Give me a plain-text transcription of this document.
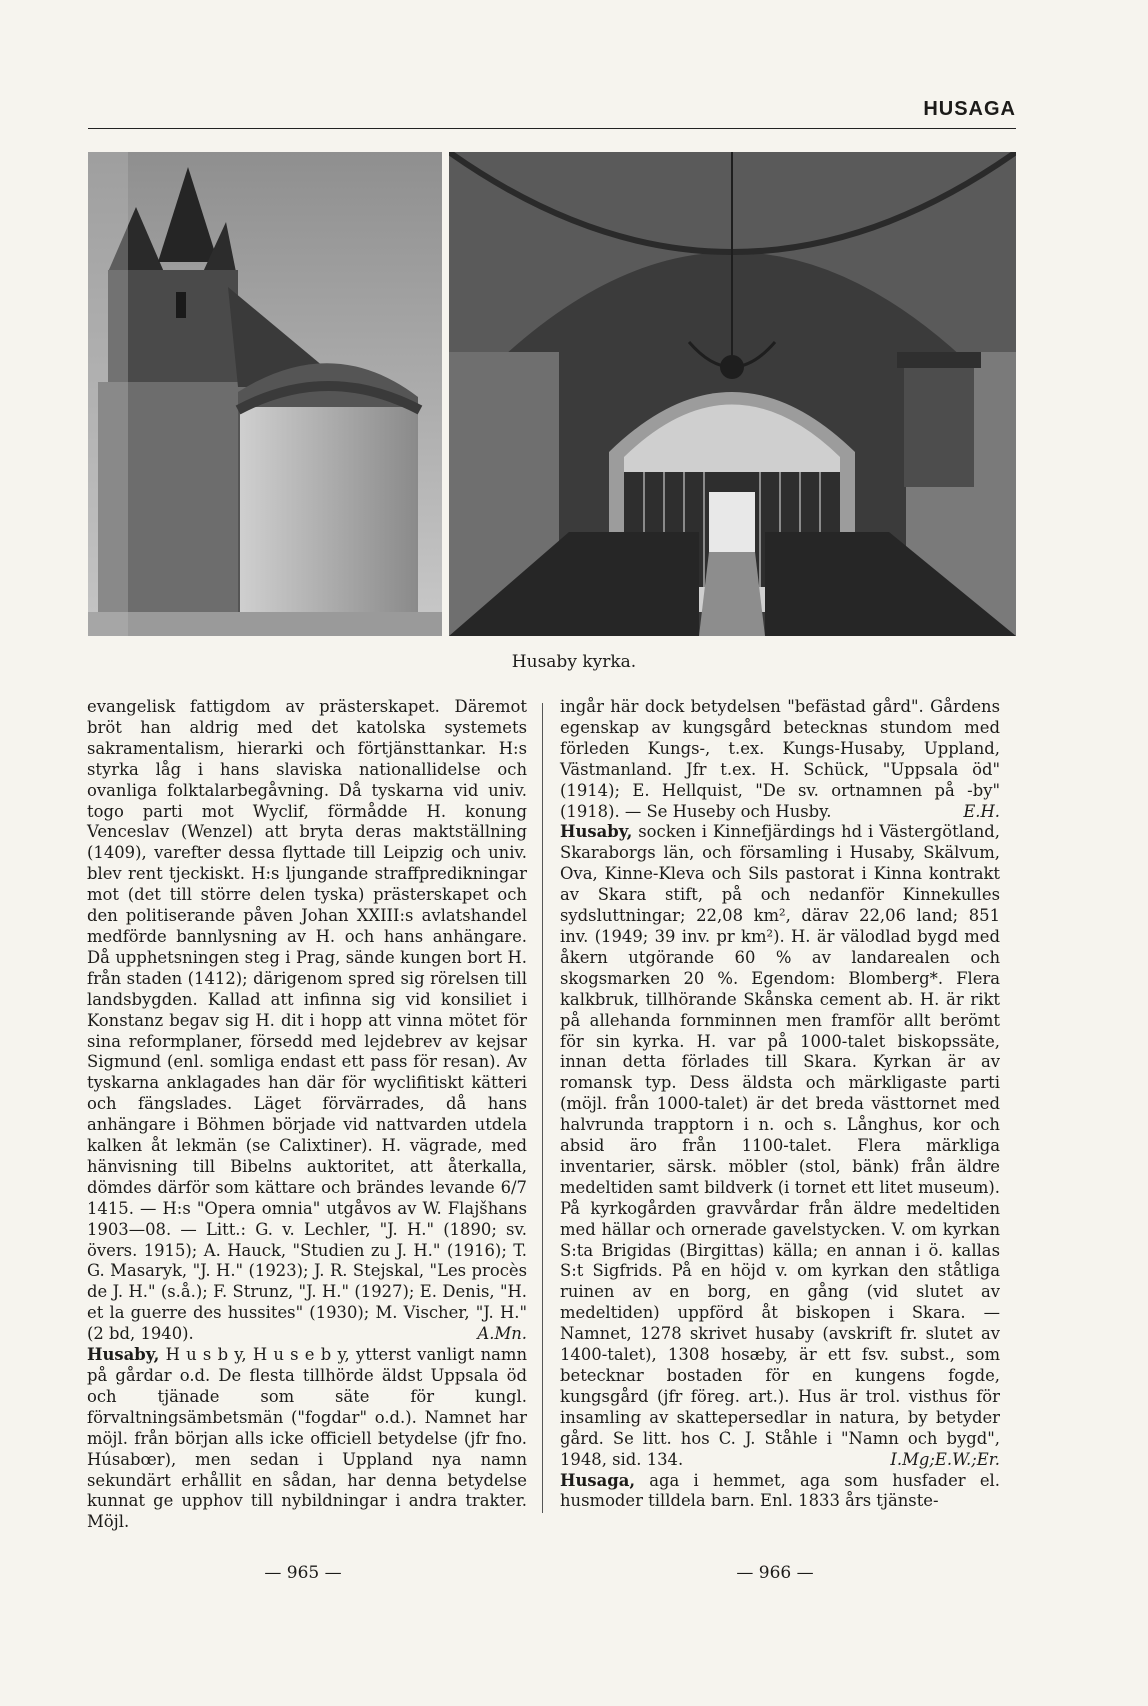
HUSAGA
Husaby kyrka.

evangelisk fattigdom av prästerskapet. Däremot bröt han aldrig med det katolska systemets sakramentalism, hierarki och förtjänsttankar. H:s styrka låg i hans slaviska nationallidelse och ovanliga folktalarbegåvning. Då tyskarna vid univ. togo parti mot Wyclif, förmådde H. konung Venceslav (Wenzel) att bryta deras maktställning (1409), varefter dessa flyttade till Leipzig och univ. blev rent tjeckiskt. H:s ljungande straffpredikningar mot (det till större delen tyska) prästerskapet och den politiserande påven Johan XXIII:s avlatshandel medförde bannlysning av H. och hans anhängare. Då upphetsningen steg i Prag, sände kungen bort H. från staden (1412); därigenom spred sig rörelsen till landsbygden. Kallad att infinna sig vid konsiliet i Konstanz begav sig H. dit i hopp att vinna mötet för sina reformplaner, försedd med lejdebrev av kejsar Sigmund (enl. somliga endast ett pass för resan). Av tyskarna anklagades han där för wyclifitiskt kätteri och fängslades. Läget förvärrades, då hans anhängare i Böhmen började vid nattvarden utdela kalken åt lekmän (se Calixtiner). H. vägrade, med hänvisning till Bibelns auktoritet, att återkalla, dömdes därför som kättare och brändes levande 6/7 1415. — H:s "Opera omnia" utgåvos av W. Flajšhans 1903—08. — Litt.: G. v. Lechler, "J. H." (1890; sv. övers. 1915); A. Hauck, "Studien zu J. H." (1916); T. G. Masaryk, "J. H." (1923); J. R. Stejskal, "Les procès de J. H." (s.å.); F. Strunz, "J. H." (1927); E. Denis, "H. et la guerre des hussites" (1930); M. Vischer, "J. H." (2 bd, 1940).	A.Mn.

Husaby, H u s b y, H u s e b y, ytterst vanligt namn på gårdar o.d. De flesta tillhörde äldst Uppsala öd och tjänade som säte för kungl. förvaltningsämbetsmän ("fogdar" o.d.). Namnet har möjl. från början alls icke officiell betydelse (jfr fno. Húsabœr), men sedan i Uppland nya namn sekundärt erhållit en sådan, har denna betydelse kunnat ge upphov till nybildningar i andra trakter. Möjl.

ingår här dock betydelsen "befästad gård". Gårdens egenskap av kungsgård betecknas stundom med förleden Kungs-, t.ex. Kungs-Husaby, Uppland, Västmanland. Jfr t.ex. H. Schück, "Uppsala öd" (1914); E. Hellquist, "De sv. ortnamnen på -by" (1918). — Se Huseby och Husby.	E.H.

Husaby, socken i Kinnefjärdings hd i Västergötland, Skaraborgs län, och församling i Husaby, Skälvum, Ova, Kinne-Kleva och Sils pastorat i Kinna kontrakt av Skara stift, på och nedanför Kinnekulles sydsluttningar; 22,08 km², därav 22,06 land; 851 inv. (1949; 39 inv. pr km²). H. är välodlad bygd med åkern utgörande 60 % av landarealen och skogsmarken 20 %. Egendom: Blomberg*. Flera kalkbruk, tillhörande Skånska cement ab. H. är rikt på allehanda fornminnen men framför allt berömt för sin kyrka. H. var på 1000-talet biskopssäte, innan detta förlades till Skara. Kyrkan är av romansk typ. Dess äldsta och märkligaste parti (möjl. från 1000-talet) är det breda västtornet med halvrunda trapptorn i n. och s. Långhus, kor och absid äro från 1100-talet. Flera märkliga inventarier, särsk. möbler (stol, bänk) från äldre medeltiden samt bildverk (i tornet ett litet museum). På kyrkogården gravvårdar från äldre medeltiden med hällar och ornerade gavelstycken. V. om kyrkan S:ta Brigidas (Birgittas) källa; en annan i ö. kallas S:t Sigfrids. På en höjd v. om kyrkan den ståtliga ruinen av en borg, en gång (vid slutet av medeltiden) uppförd åt biskopen i Skara. — Namnet, 1278 skrivet husaby (avskrift fr. slutet av 1400-talet), 1308 hosæby, är ett fsv. subst., som betecknar bostaden för en kungens fogde, kungsgård (jfr föreg. art.). Hus är trol. visthus för insamling av skattepersedlar in natura, by betyder gård. Se litt. hos C. J. Ståhle i "Namn och bygd", 1948, sid. 134.	I.Mg;E.W.;Er.

Husaga, aga i hemmet, aga som husfader el. husmoder tilldela barn. Enl. 1833 års tjänste-

— 965 —	— 966 —
